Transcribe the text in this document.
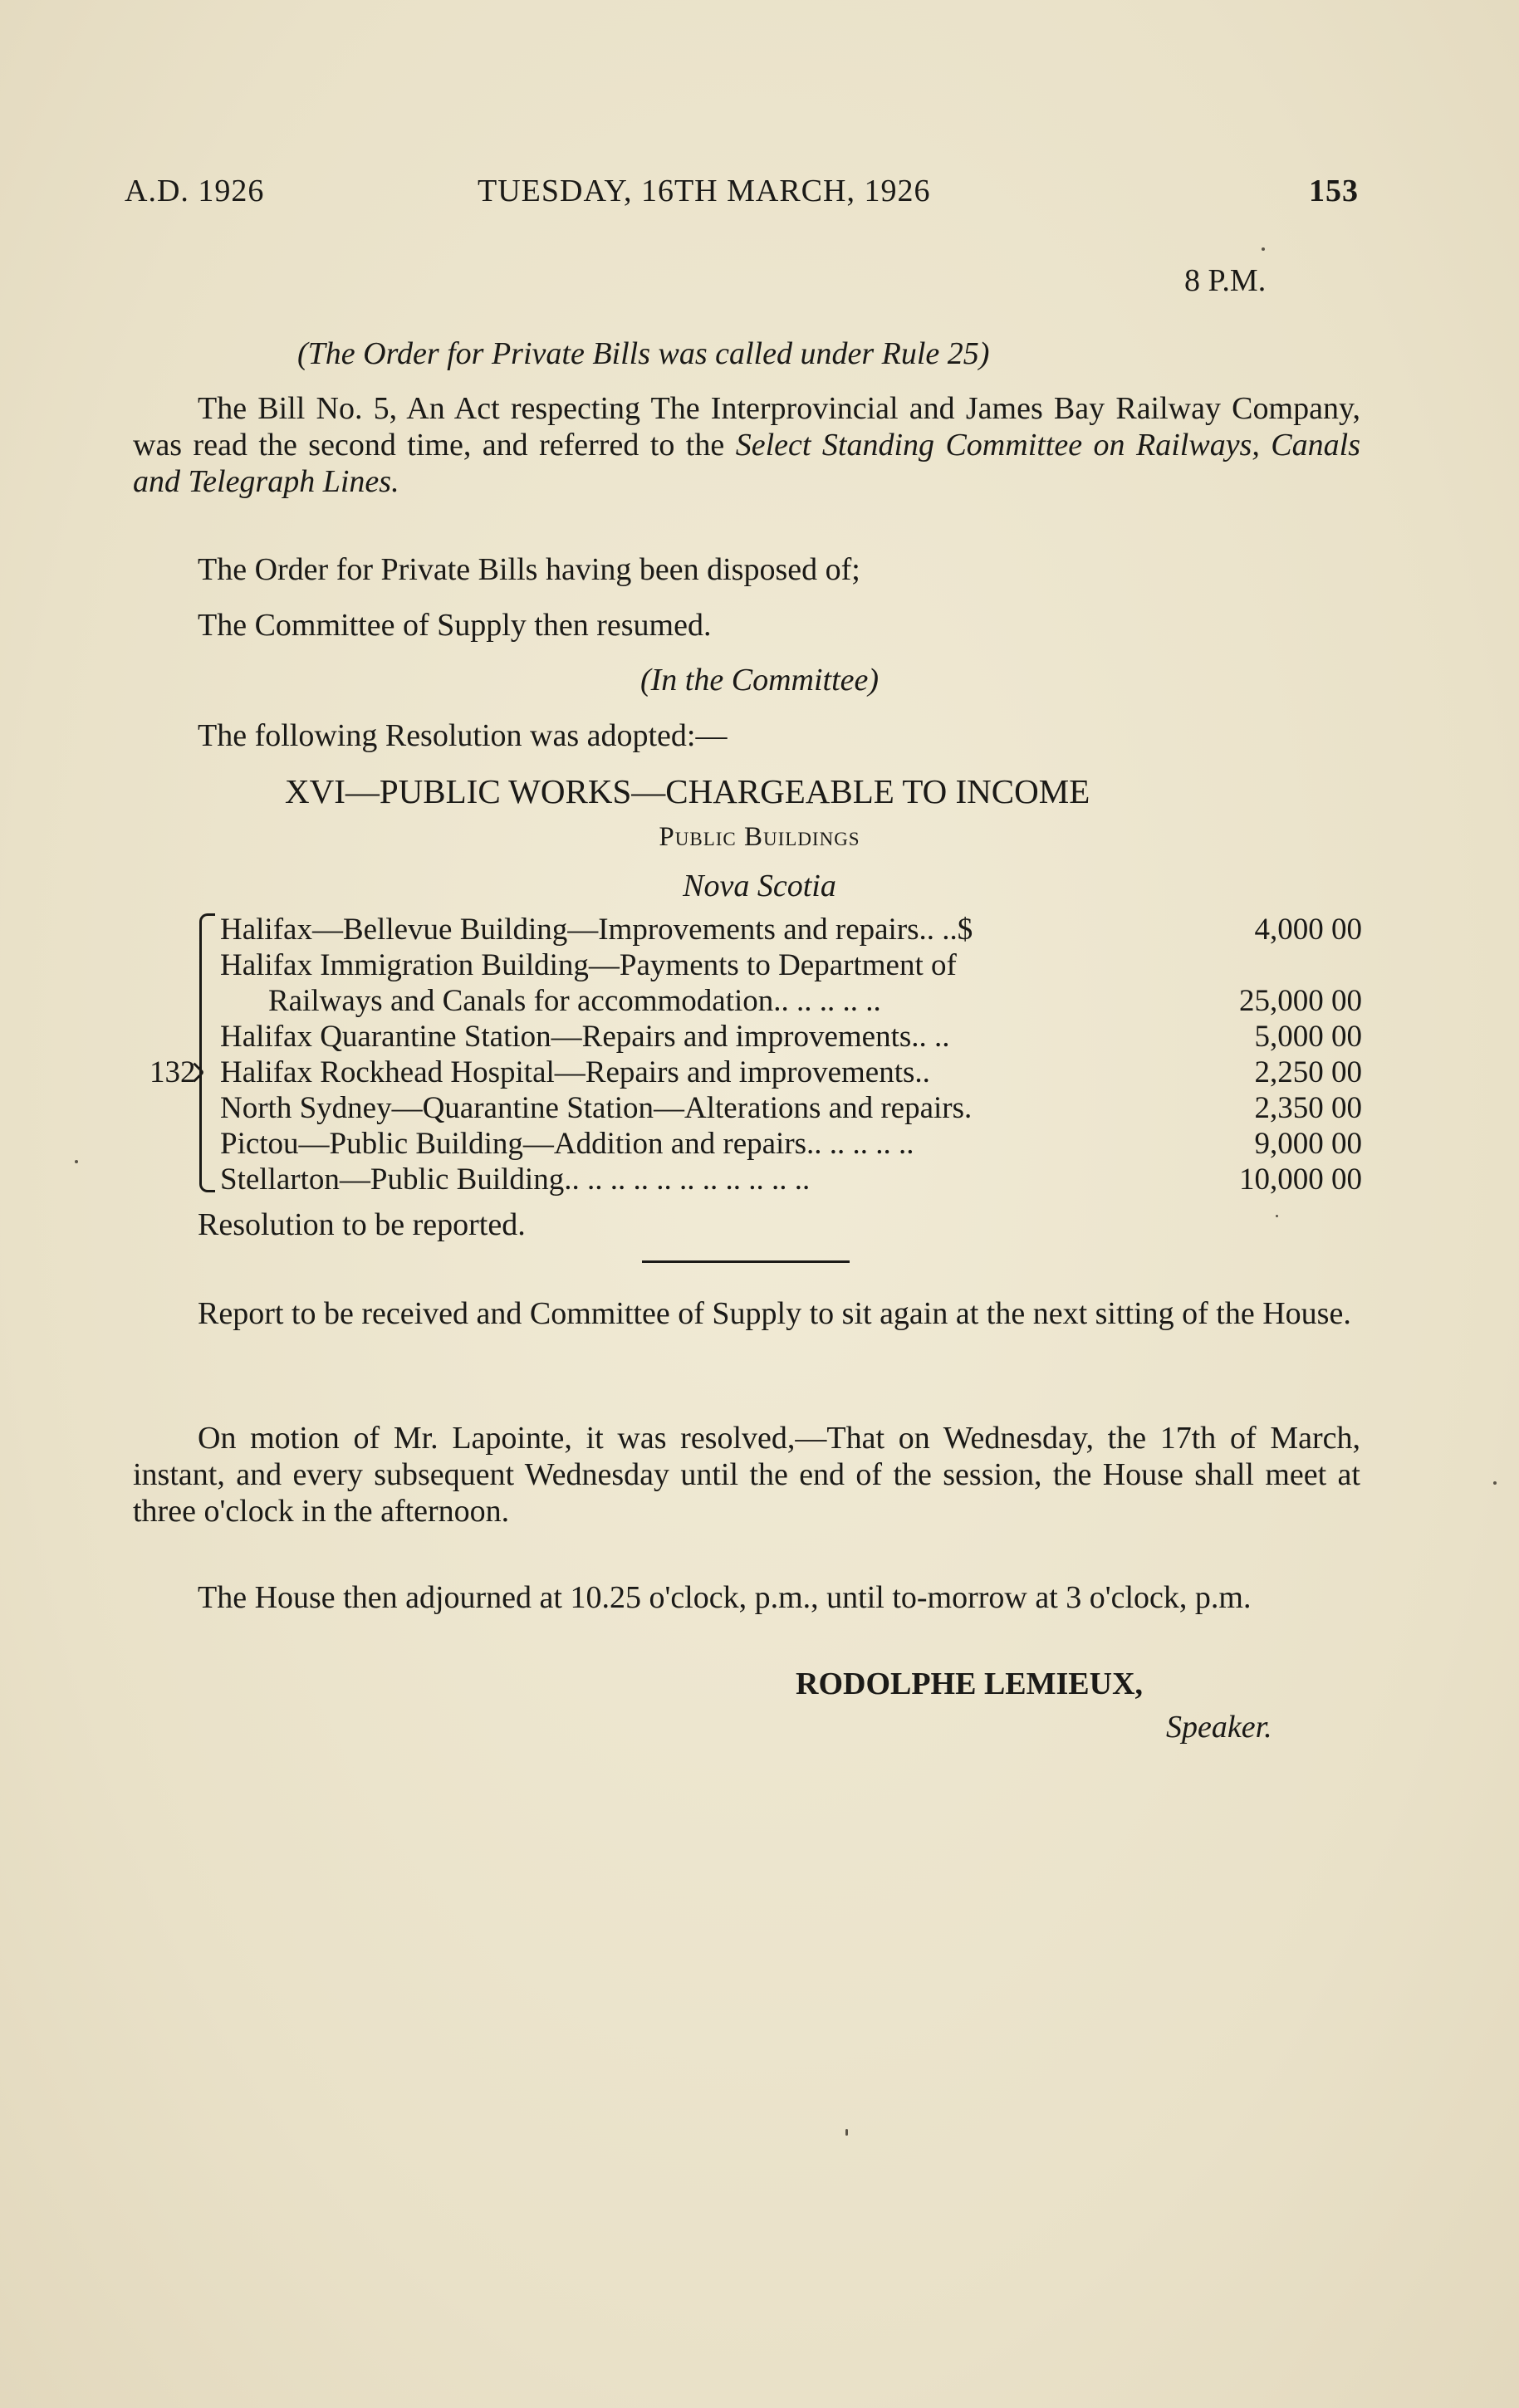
A.D. 1926	TUESDAY, 16TH MARCH, 1926	153
8 P.M.
(The Order for Private Bills was called under Rule 25)

The Bill No. 5, An Act respecting The Interprovincial and James Bay Railway Company, was read the second time, and referred to the Select Standing Committee on Railways, Canals and Telegraph Lines.

The Order for Private Bills having been disposed of;
The Committee of Supply then resumed.
(In the Committee)
The following Resolution was adopted:—
XVI—PUBLIC WORKS—CHARGEABLE TO INCOME
Public Buildings
Nova Scotia
132
Halifax—Bellevue Building—Improvements and repairs.. ..$	4,000 00
Halifax Immigration Building—Payments to Department of
Railways and Canals for accommodation.. .. .. .. ..	25,000 00
Halifax Quarantine Station—Repairs and improvements.. ..	5,000 00
Halifax Rockhead Hospital—Repairs and improvements..	2,250 00
North Sydney—Quarantine Station—Alterations and repairs.	2,350 00
Pictou—Public Building—Addition and repairs.. .. .. .. ..	9,000 00
Stellarton—Public Building.. .. .. .. .. .. .. .. .. .. ..	10,000 00
Resolution to be reported.

Report to be received and Committee of Supply to sit again at the next sitting of the House.

On motion of Mr. Lapointe, it was resolved,—That on Wednesday, the 17th of March, instant, and every subsequent Wednesday until the end of the session, the House shall meet at three o'clock in the afternoon.

The House then adjourned at 10.25 o'clock, p.m., until to-morrow at 3 o'clock, p.m.

RODOLPHE LEMIEUX,
Speaker.
